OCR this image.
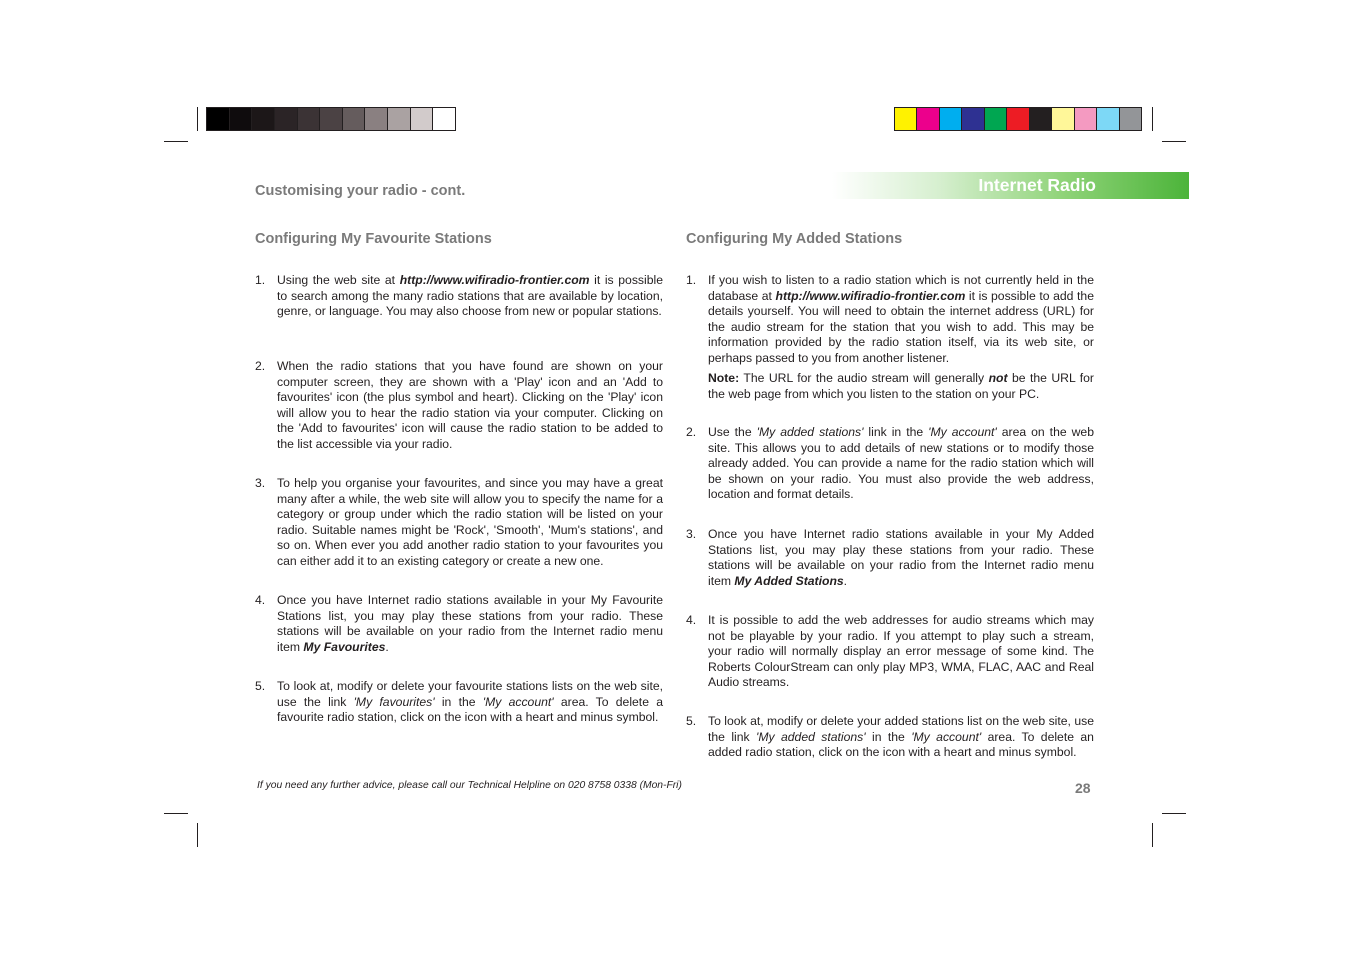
Customising your radio - cont.	Internet Radio
Configuring My Favourite Stations
1. Using the web site at http://www.wifiradio-frontier.com it is possible to search among the many radio stations that are available by location, genre, or language. You may also choose from new or popular stations.
2. When the radio stations that you have found are shown on your computer screen, they are shown with a 'Play' icon and an 'Add to favourites' icon (the plus symbol and heart). Clicking on the 'Play' icon will allow you to hear the radio station via your computer. Clicking on the 'Add to favourites' icon will cause the radio station to be added to the list accessible via your radio.
3. To help you organise your favourites, and since you may have a great many after a while, the web site will allow you to specify the name for a category or group under which the radio station will be listed on your radio. Suitable names might be 'Rock', 'Smooth', 'Mum's stations', and so on. When ever you add another radio station to your favourites you can either add it to an existing category or create a new one.
4. Once you have Internet radio stations available in your My Favourite Stations list, you may play these stations from your radio. These stations will be available on your radio from the Internet radio menu item My Favourites.
5. To look at, modify or delete your favourite stations lists on the web site, use the link 'My favourites' in the 'My account' area. To delete a favourite radio station, click on the icon with a heart and minus symbol.
Configuring My Added Stations
1. If you wish to listen to a radio station which is not currently held in the database at http://www.wifiradio-frontier.com it is possible to add the details yourself. You will need to obtain the internet address (URL) for the audio stream for the station that you wish to add. This may be information provided by the radio station itself, via its web site, or perhaps passed to you from another listener.
Note: The URL for the audio stream will generally not be the URL for the web page from which you listen to the station on your PC.
2. Use the 'My added stations' link in the 'My account' area on the web site. This allows you to add details of new stations or to modify those already added. You can provide a name for the radio station which will be shown on your radio. You must also provide the web address, location and format details.
3. Once you have Internet radio stations available in your My Added Stations list, you may play these stations from your radio. These stations will be available on your radio from the Internet radio menu item My Added Stations.
4. It is possible to add the web addresses for audio streams which may not be playable by your radio. If you attempt to play such a stream, your radio will normally display an error message of some kind. The Roberts ColourStream can only play MP3, WMA, FLAC, AAC and Real Audio streams.
5. To look at, modify or delete your added stations list on the web site, use the link 'My added stations' in the 'My account' area. To delete an added radio station, click on the icon with a heart and minus symbol.
If you need any further advice, please call our Technical Helpline on 020 8758 0338 (Mon-Fri)	28
